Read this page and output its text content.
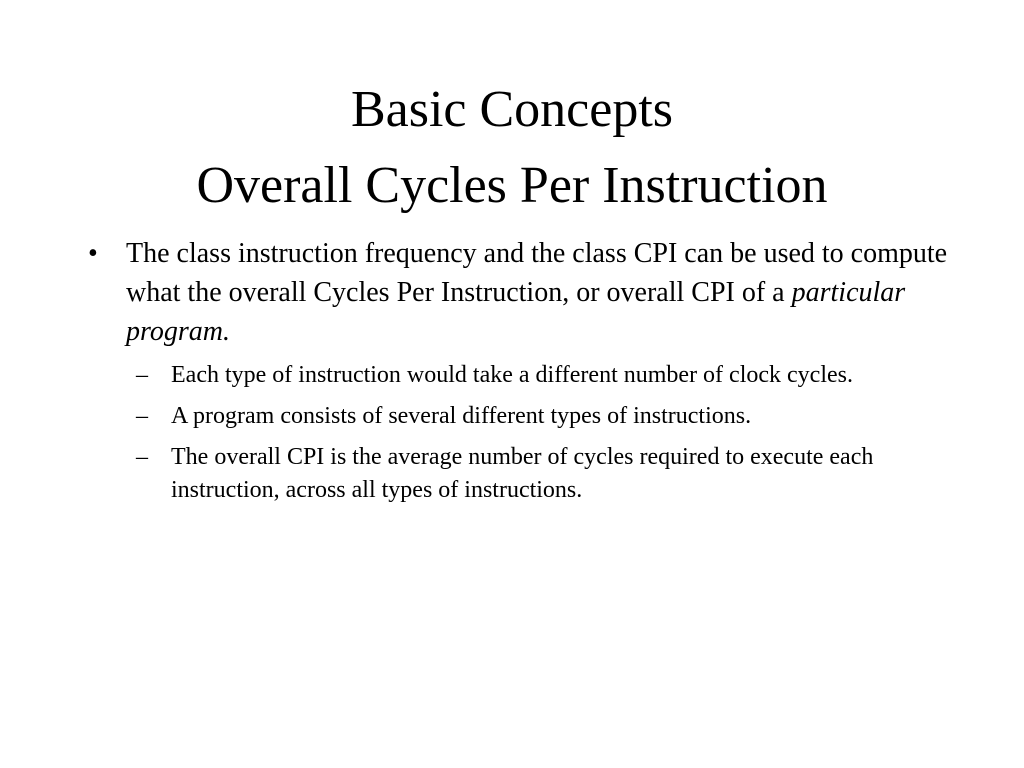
Basic Concepts
Overall Cycles Per Instruction
• The class instruction frequency and the class CPI can be used to compute what the overall Cycles Per Instruction, or overall CPI of a particular program.
– Each type of instruction would take a different number of clock cycles.
– A program consists of several different types of instructions.
– The overall CPI is the average number of cycles required to execute each instruction, across all types of instructions.
